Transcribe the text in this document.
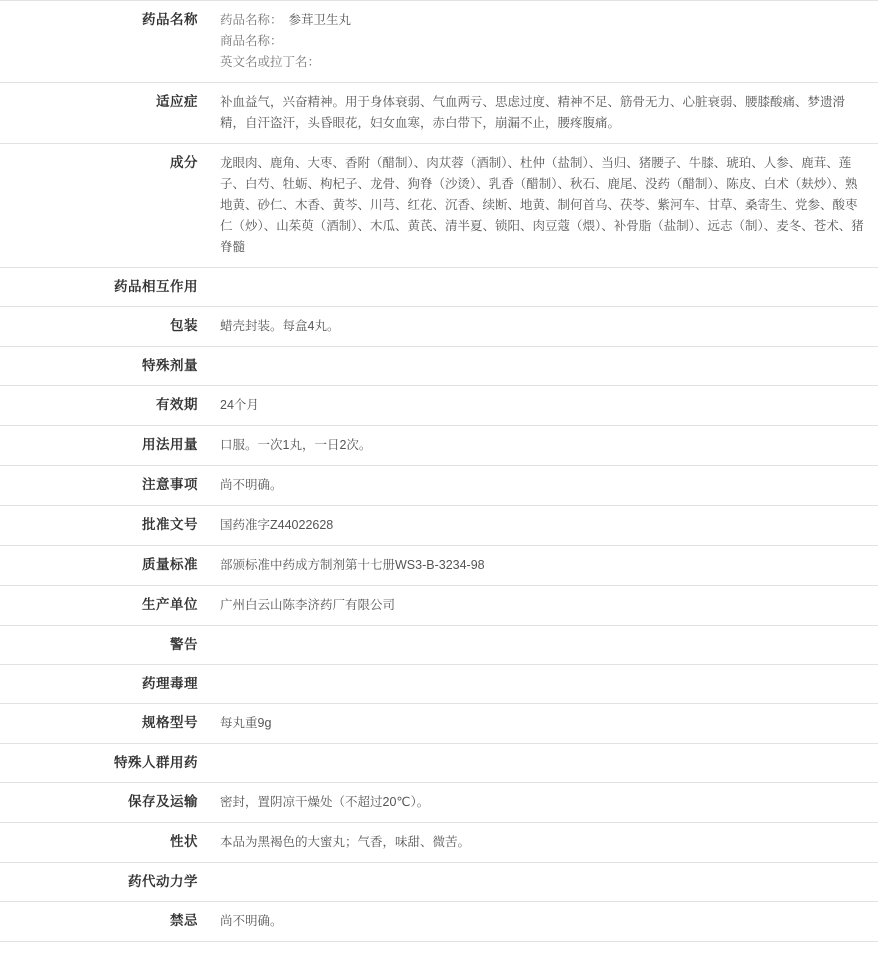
药品名称	药品名称： 参茸卫生丸
商品名称：
英文名或拉丁名：

适应症	补血益气，兴奋精神。用于身体衰弱、气血两亏、思虑过度、精神不足、筋骨无力、心脏衰弱、腰膝酸痛、梦遗滑精，自汗盗汗，头昏眼花，妇女血寒，赤白带下，崩漏不止，腰疼腹痛。

成分	龙眼肉、鹿角、大枣、香附（醋制）、肉苁蓉（酒制）、杜仲（盐制）、当归、猪腰子、牛膝、琥珀、人参、鹿茸、莲子、白芍、牡蛎、枸杞子、龙骨、狗脊（沙烫）、乳香（醋制）、秋石、鹿尾、没药（醋制）、陈皮、白术（麸炒）、熟地黄、砂仁、木香、黄芩、川芎、红花、沉香、续断、地黄、制何首乌、茯苓、紫河车、甘草、桑寄生、党参、酸枣仁（炒）、山茱萸（酒制）、木瓜、黄芪、清半夏、锁阳、肉豆蔻（煨）、补骨脂（盐制）、远志（制）、麦冬、苍术、猪脊髓

药品相互作用	

包装	蜡壳封装。每盒4丸。

特殊剂量	

有效期	24个月

用法用量	口服。一次1丸，一日2次。

注意事项	尚不明确。

批准文号	国药准字Z44022628

质量标准	部颁标准中药成方制剂第十七册WS3-B-3234-98

生产单位	广州白云山陈李济药厂有限公司

警告	

药理毒理	

规格型号	每丸重9g

特殊人群用药	

保存及运输	密封，置阴凉干燥处（不超过20℃）。

性状	本品为黑褐色的大蜜丸；气香，味甜、微苦。

药代动力学	

禁忌	尚不明确。
